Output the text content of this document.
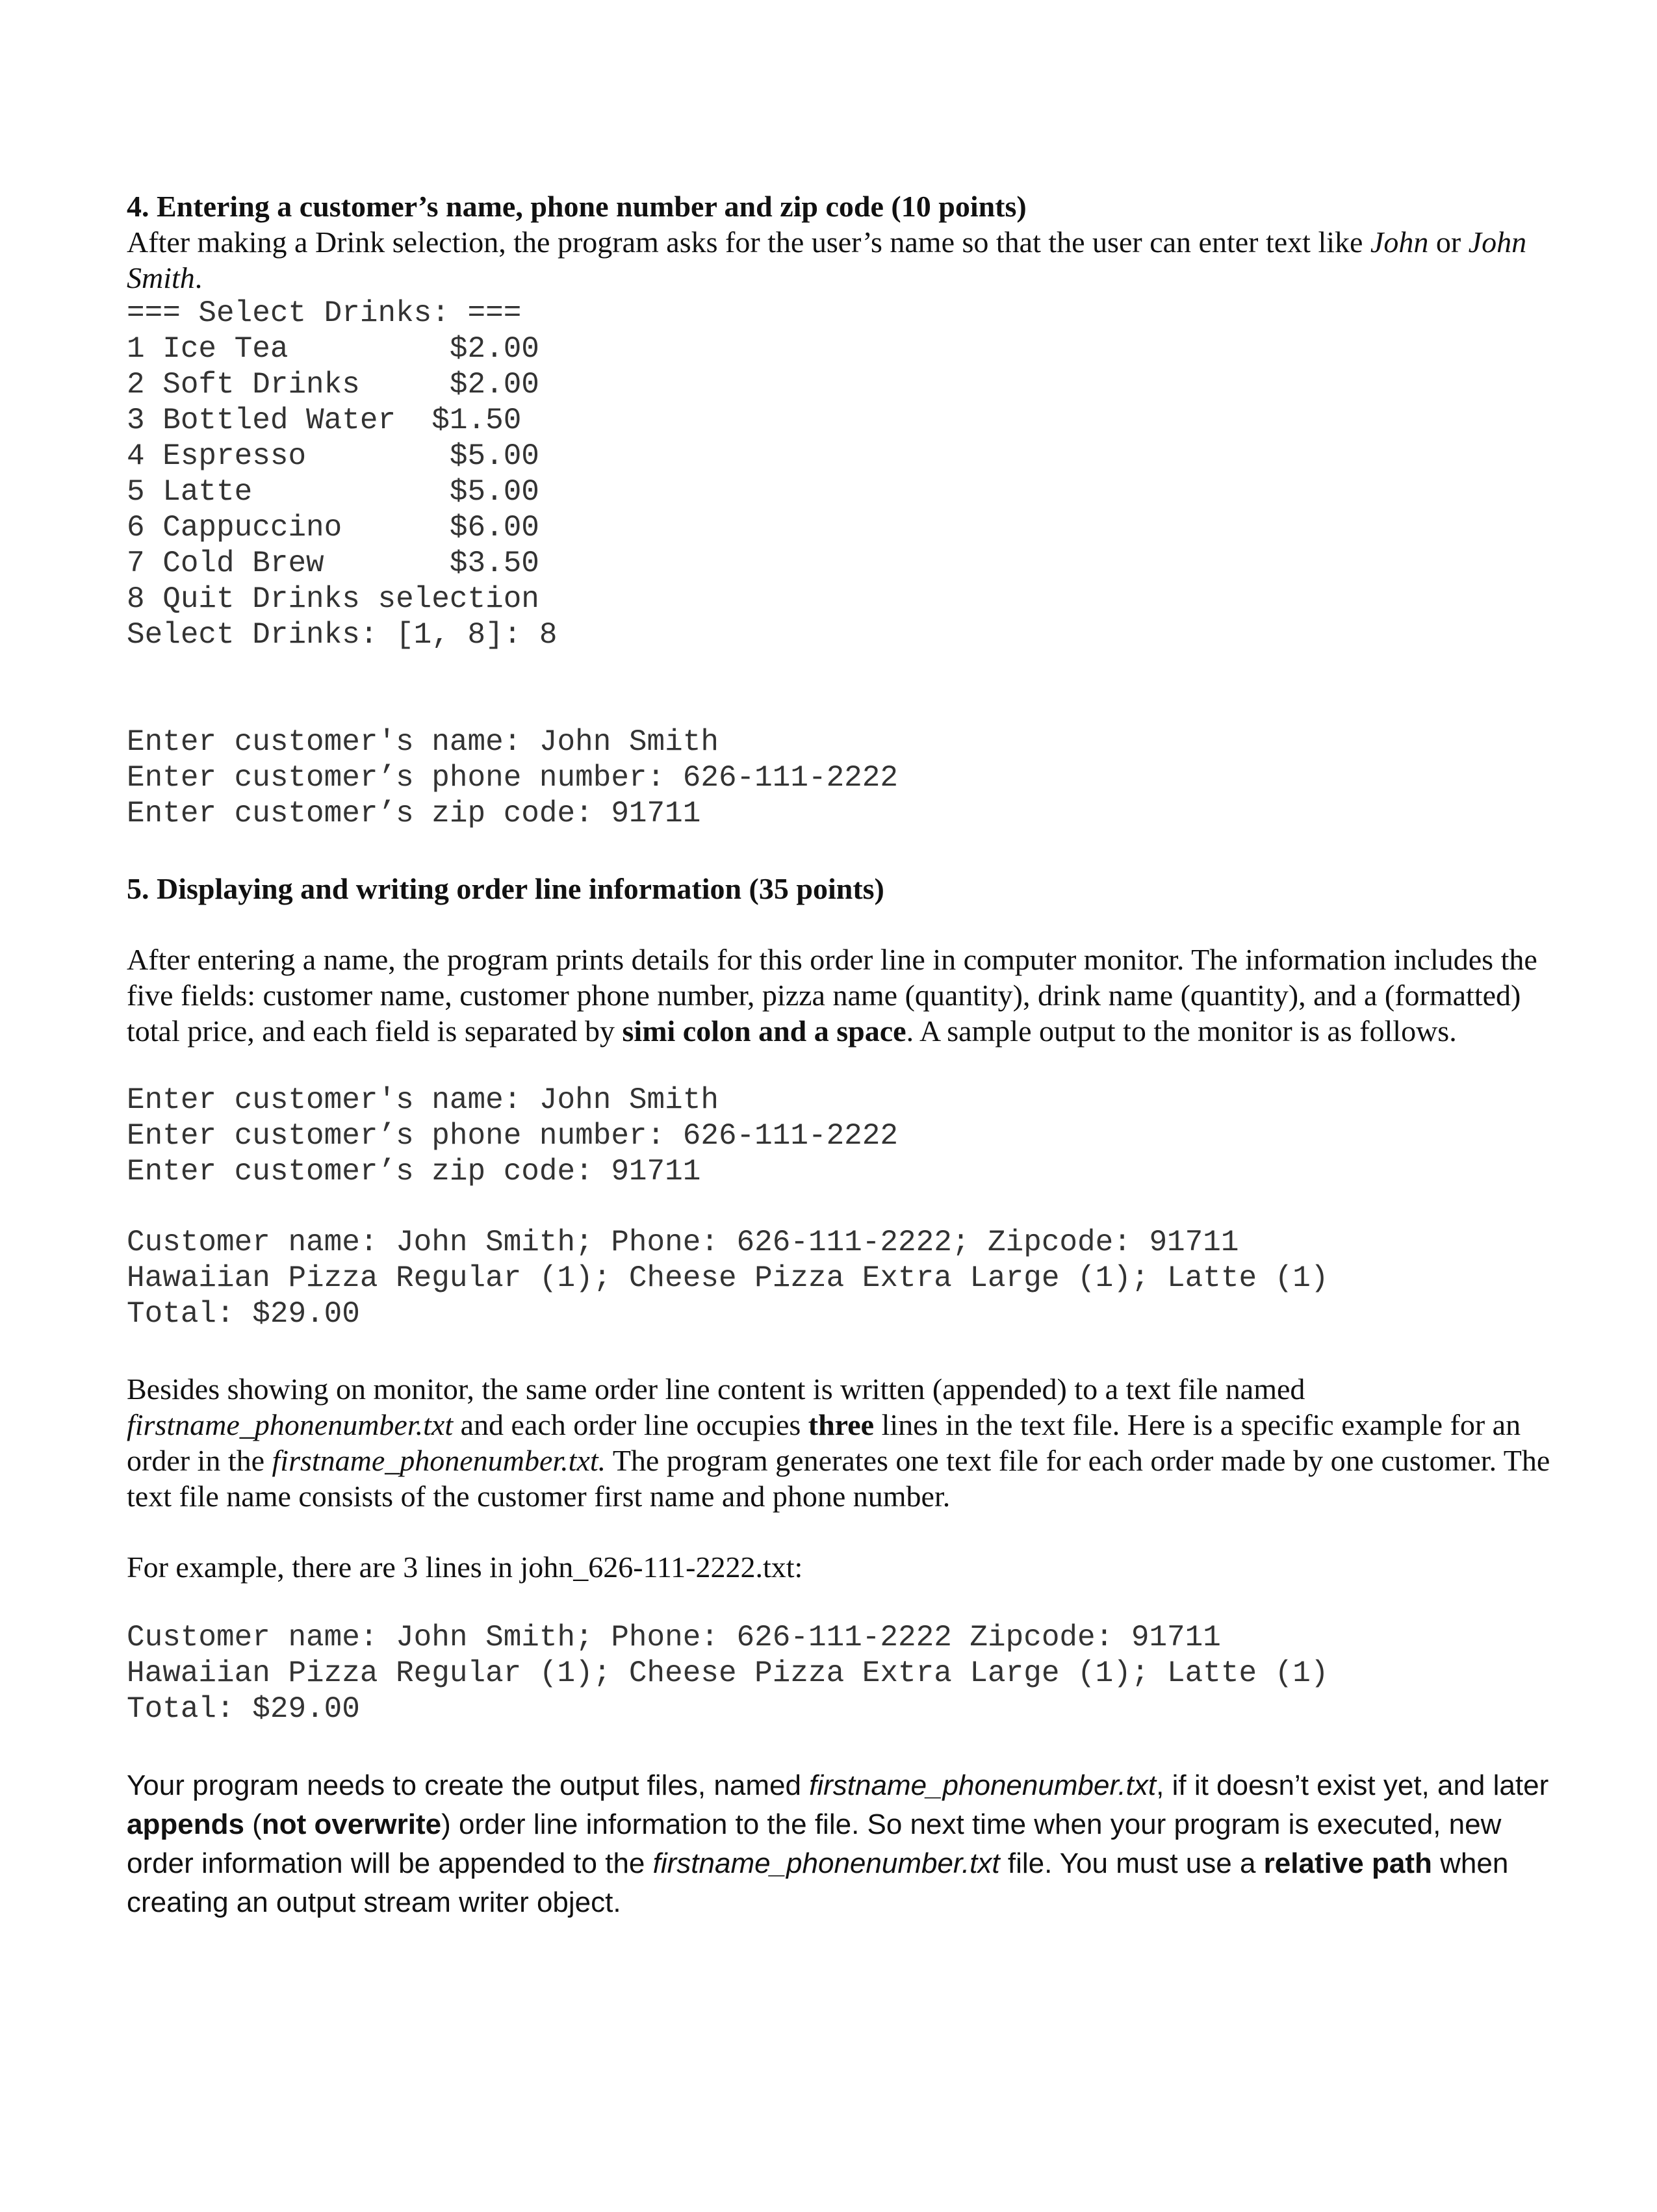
4. Entering a customer’s name, phone number and zip code (10 points)

After making a Drink selection, the program asks for the user’s name so that the user can enter text like John or John Smith.

=== Select Drinks: ===

1 Ice Tea         $2.00

2 Soft Drinks     $2.00

3 Bottled Water  $1.50

4 Espresso        $5.00

5 Latte           $5.00

6 Cappuccino      $6.00

7 Cold Brew       $3.50

8 Quit Drinks selection

Select Drinks: [1, 8]: 8

Enter customer's name: John Smith

Enter customer’s phone number: 626-111-2222

Enter customer’s zip code: 91711

5. Displaying and writing order line information (35 points)

After entering a name, the program prints details for this order line in computer monitor. The information includes the five fields: customer name, customer phone number, pizza name (quantity), drink name (quantity), and a (formatted) total price, and each field is separated by simi colon and a space. A sample output to the monitor is as follows.

Enter customer's name: John Smith

Enter customer’s phone number: 626-111-2222

Enter customer’s zip code: 91711

Customer name: John Smith; Phone: 626-111-2222; Zipcode: 91711

Hawaiian Pizza Regular (1); Cheese Pizza Extra Large (1); Latte (1)

Total: $29.00

Besides showing on monitor, the same order line content is written (appended) to a text file named firstname_phonenumber.txt and each order line occupies three lines in the text file. Here is a specific example for an order in the firstname_phonenumber.txt. The program generates one text file for each order made by one customer. The text file name consists of the customer first name and phone number.

For example, there are 3 lines in john_626-111-2222.txt:

Customer name: John Smith; Phone: 626-111-2222 Zipcode: 91711

Hawaiian Pizza Regular (1); Cheese Pizza Extra Large (1); Latte (1)

Total: $29.00

Your program needs to create the output files, named firstname_phonenumber.txt, if it doesn’t exist yet, and later appends (not overwrite) order line information to the file. So next time when your program is executed, new order information will be appended to the firstname_phonenumber.txt file. You must use a relative path when creating an output stream writer object.
